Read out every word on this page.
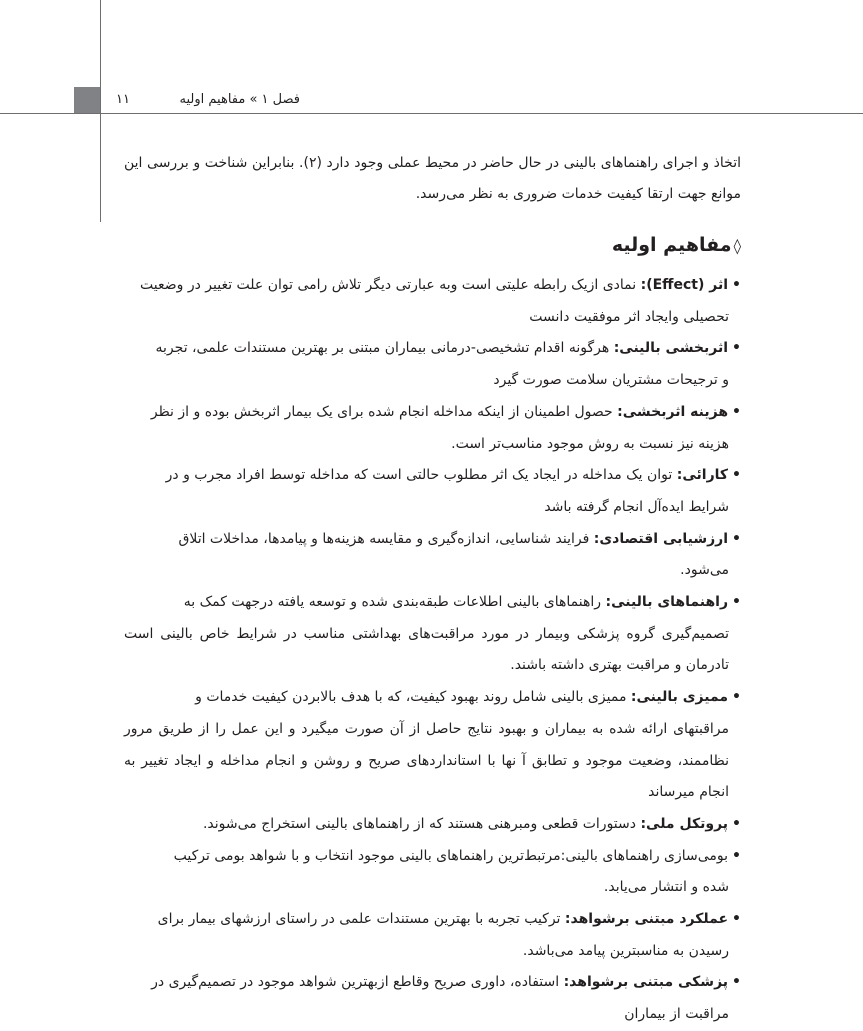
۱۱	فصل ۱ » مفاهیم اولیه

اتخاذ و اجرای راهنماهای بالینی در حال حاضر در محیط عملی وجود دارد (۲). بنابراین شناخت و بررسی این موانع جهت ارتقا کیفیت خدمات ضروری به نظر می‌رسد.

◊مفاهیم اولیه
•اثر (Effect): نمادی ازیک رابطه علیتی است وبه عبارتی دیگر تلاش رامی توان علت تغییر در وضعیت
تحصیلی وایجاد اثر موفقیت دانست
•اثربخشی بالینی: هرگونه اقدام تشخیصی-درمانی بیماران مبتنی بر بهترین مستندات علمی، تجربه
و ترجیحات مشتریان سلامت صورت گیرد
•هزینه اثربخشی: حصول اطمینان از اینکه مداخله انجام شده برای یک بیمار اثربخش بوده و از نظر
هزینه نیز نسبت به روش موجود مناسب‌تر است.
•کارائی: توان یک مداخله در ایجاد یک اثر مطلوب حالتی است که مداخله توسط افراد مجرب و در
شرایط ایده‌آل انجام گرفته باشد
•ارزشیابی اقتصادی: فرایند شناسایی، اندازه‌گیری و مقایسه هزینه‌ها و پیامدها، مداخلات اتلاق
می‌شود.
•راهنماهای بالینی: راهنماهای بالینی اطلاعات طبقه‌بندی شده و توسعه یافته درجهت کمک به
تصمیم‌گیری گروه پزشکی وبیمار در مورد مراقبت‌های بهداشتی مناسب در شرایط خاص بالینی است تادرمان و مراقبت بهتری داشته باشند.
•ممیزی بالینی: ممیزی بالینی شامل روند بهبود کیفیت، که با هدف بالابردن کیفیت خدمات و
مراقبتهای ارائه شده به بیماران و بهبود نتایج حاصل از آن صورت میگیرد و این عمل را از طریق مرور نظاممند، وضعیت موجود و تطابق آ نها با استانداردهای صریح و روشن و انجام مداخله و ایجاد تغییر به انجام میرساند
•پروتکل ملی: دستورات قطعی ومبرهنی هستند که از راهنماهای بالینی استخراج می‌شوند.
•بومی‌سازی راهنماهای بالینی:مرتبط‌ترین راهنماهای بالینی موجود انتخاب و با شواهد بومی ترکیب
شده و انتشار می‌یابد.
•عملکرد مبتنی برشواهد: ترکیب تجربه با بهترین مستندات علمی در راستای ارزشهای بیمار برای
رسیدن به مناسبترین پیامد می‌باشد.
•پزشکی مبتنی برشواهد: استفاده، داوری صریح وقاطع ازبهترین شواهد موجود در تصمیم‌گیری در
مراقبت از بیماران
